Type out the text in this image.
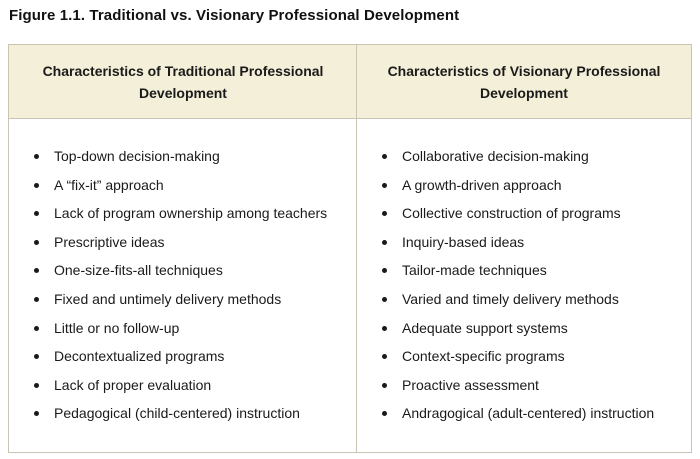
Figure 1.1. Traditional vs. Visionary Professional Development
Characteristics of Traditional Professional Development
Characteristics of Visionary Professional Development
Top-down decision-making
A “fix-it” approach
Lack of program ownership among teachers
Prescriptive ideas
One-size-fits-all techniques
Fixed and untimely delivery methods
Little or no follow-up
Decontextualized programs
Lack of proper evaluation
Pedagogical (child-centered) instruction
Collaborative decision-making
A growth-driven approach
Collective construction of programs
Inquiry-based ideas
Tailor-made techniques
Varied and timely delivery methods
Adequate support systems
Context-specific programs
Proactive assessment
Andragogical (adult-centered) instruction
